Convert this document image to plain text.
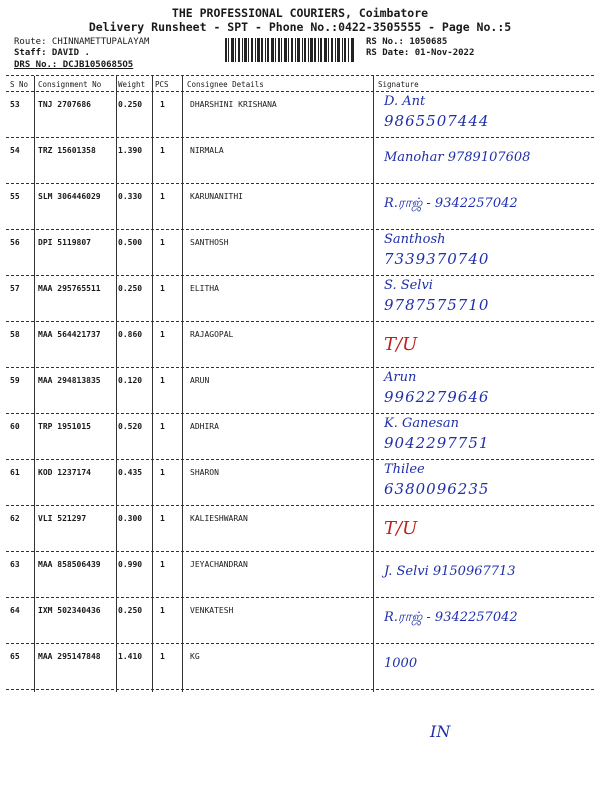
THE PROFESSIONAL COURIERS, Coimbatore
Delivery Runsheet - SPT - Phone No.:0422-3505555 - Page No.:5
Route: CHINNAMETTUPALAYAM
Staff: DAVID .
DRS No.: DCJB1050685O5
RS No.: 1050685
RS Date: 01-Nov-2022
S No Consignment No Weight PCS Consignee Details	Signature
53 TNJ 2707686	0.250 1	DHARSHINI KRISHANA	D. Ant
9865507444
54 TRZ 15601358	1.390 1	NIRMALA	Manohar 9789107608
55 SLM 306446029 0.330 1	KARUNANITHI	R.ராஜ் - 9342257042
56 DPI 5119807	0.500 1	SANTHOSH	Santhosh
7339370740
57 MAA 295765511 0.250 1	ELITHA	S. Selvi
9787575710
58 MAA 564421737 0.860 1	RAJAGOPAL	T/U
59 MAA 294813835 0.120 1	ARUN	Arun
9962279646
60 TRP 1951015	0.520 1	ADHIRA	K. Ganesan
9042297751
61 KOD 1237174	0.435 1	SHARON	Thilee
6380096235
62 VLI 521297	0.300 1	KALIESHWARAN	T/U
63 MAA 858506439 0.990 1	JEYACHANDRAN	J. Selvi 9150967713
64 IXM 502340436 0.250 1	VENKATESH	R.ராஜ் - 9342257042
65 MAA 295147848 1.410 1	KG	1000
IN
